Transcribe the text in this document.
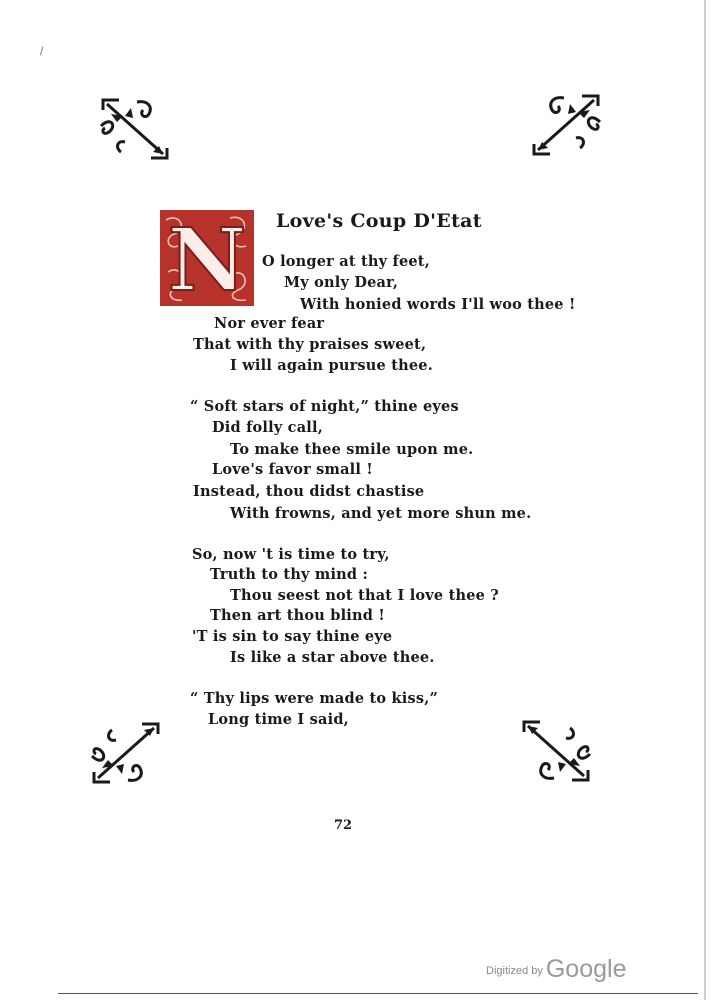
/
N Love's Coup D'Etat
O longer at thy feet,
My only Dear,
With honied words I'll woo thee !
Nor ever fear
That with thy praises sweet,
I will again pursue thee.
“ Soft stars of night,” thine eyes
Did folly call,
To make thee smile upon me.
Love's favor small !
Instead, thou didst chastise
With frowns, and yet more shun me.
So, now 't is time to try,
Truth to thy mind :
Thou seest not that I love thee ?
Then art thou blind !
'T is sin to say thine eye
Is like a star above thee.
“ Thy lips were made to kiss,”
Long time I said,
72
Digitized by Google
